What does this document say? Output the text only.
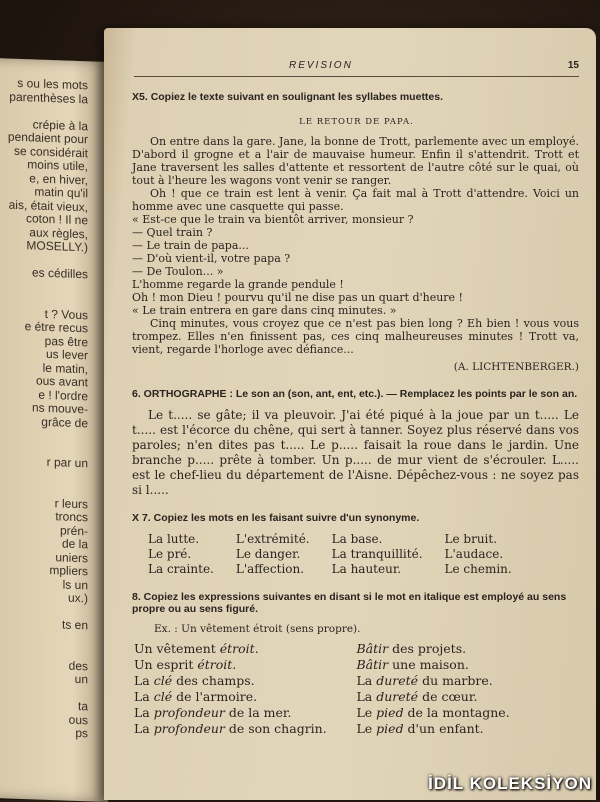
s ou les mots
parenthèses la
crépie à la
pendaient pour
se considérait
moins utile,
e, en hiver,
matin qu'il
ais, était vieux,
coton ! Il ne
aux règles,
MOSELLY.)
es cédilles
t ? Vous
e étre recus
pas être
us lever
le matin,
ous avant
e ! l'ordre
ns mouve-
grâce de
r par un
r leurs
troncs
prén-
de la
uniers
mpliers
ls un
ux.)
ts en
des
un
ta
ous
ps
REVISION	15
X5. Copiez le texte suivant en soulignant les syllabes muettes.
LE RETOUR DE PAPA.

On entre dans la gare. Jane, la bonne de Trott, parlemente avec un employé. D'abord il grogne et a l'air de mauvaise humeur. Enfin il s'attendrit. Trott et Jane traversent les salles d'attente et ressortent de l'autre côté sur le quai, où tout à l'heure les wagons vont venir se ranger.

Oh ! que ce train est lent à venir. Ça fait mal à Trott d'attendre. Voici un homme avec une casquette qui passe.

« Est-ce que le train va bientôt arriver, monsieur ?

— Quel train ?

— Le train de papa...

— D'où vient-il, votre papa ?

— De Toulon... »

L'homme regarde la grande pendule !

Oh ! mon Dieu ! pourvu qu'il ne dise pas un quart d'heure !

« Le train entrera en gare dans cinq minutes. »

Cinq minutes, vous croyez que ce n'est pas bien long ? Eh bien ! vous vous trompez. Elles n'en finissent pas, ces cinq malheureuses minutes ! Trott va, vient, regarde l'horloge avec défiance...

(A. LICHTENBERGER.)
6. ORTHOGRAPHE : Le son an (son, ant, ent, etc.). — Remplacez les points par le son an.

Le t..... se gâte; il va pleuvoir. J'ai été piqué à la joue par un t..... Le t..... est l'écorce du chêne, qui sert à tanner. Soyez plus réservé dans vos paroles; n'en dites pas t..... Le p..... faisait la roue dans le jardin. Une branche p..... prête à tomber. Un p..... de mur vient de s'écrouler. L..... est le chef-lieu du département de l'Aisne. Dépêchez-vous : ne soyez pas si l.....

X 7. Copiez les mots en les faisant suivre d'un synonyme.
La lutte.	L'extrémité.	La base.	Le bruit.
Le pré.	Le danger.	La tranquillité.	L'audace.
La crainte.	L'affection.	La hauteur.	Le chemin.
8. Copiez les expressions suivantes en disant si le mot en italique est employé au sens propre ou au sens figuré.
Ex. : Un vêtement étroit (sens propre).
Un vêtement étroit.
Un esprit étroit.
La clé des champs.
La clé de l'armoire.
La profondeur de la mer.
La profondeur de son chagrin.
Bâtir des projets.
Bâtir une maison.
La dureté du marbre.
La dureté de cœur.
Le pied de la montagne.
Le pied d'un enfant.
İDİL KOLEKSİYON
